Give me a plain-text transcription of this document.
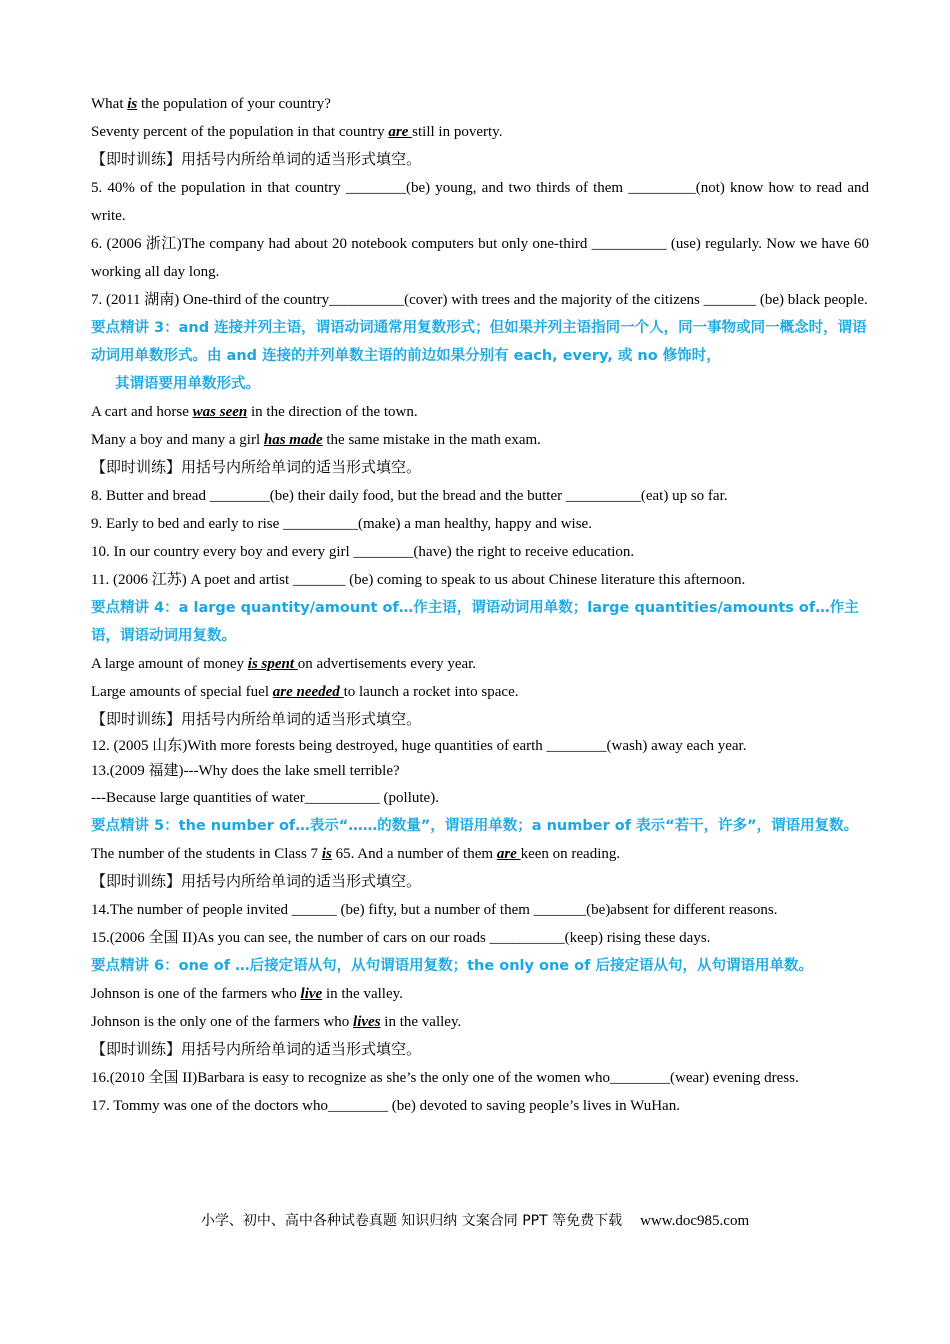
What is the population of your country?
Seventy percent of the population in that country are still in poverty.
【即时训练】用括号内所给单词的适当形式填空。
5. 40% of the population in that country ________(be) young, and two thirds of them _________(not) know how to read and write.
6. (2006 浙江)The company had about 20 notebook computers but only one-third __________ (use) regularly. Now we have 60 working all day long.
7. (2011 湖南) One-third of the country__________(cover) with trees and the majority of the citizens _______ (be) black people.
要点精讲 3：and 连接并列主语，谓语动词通常用复数形式；但如果并列主语指同一个人，同一事物或同一概念时，谓语动词用单数形式。由 and 连接的并列单数主语的前边如果分别有 each, every, 或 no 修饰时，
其谓语要用单数形式。
A cart and horse was seen in the direction of the town.
Many a boy and many a girl has made the same mistake in the math exam.
【即时训练】用括号内所给单词的适当形式填空。
8. Butter and bread ________(be) their daily food, but the bread and the butter __________(eat) up so far.
9. Early to bed and early to rise __________(make) a man healthy, happy and wise.
10. In our country every boy and every girl ________(have) the right to receive education.
11. (2006 江苏) A poet and artist _______ (be) coming to speak to us about Chinese literature this afternoon.
要点精讲 4：a large quantity/amount of…作主语，谓语动词用单数；large quantities/amounts of…作主语，谓语动词用复数。
A large amount of money is spent on advertisements every year.
Large amounts of special fuel are needed to launch a rocket into space.
【即时训练】用括号内所给单词的适当形式填空。
12. (2005 山东)With more forests being destroyed, huge quantities of earth ________(wash) away each year.
13.(2009 福建)---Why does the lake smell terrible?
---Because large quantities of water__________ (pollute).
要点精讲 5：the number of…表示“……的数量”，谓语用单数；a number of 表示“若干，许多”，谓语用复数。
The number of the students in Class 7 is 65. And a number of them are keen on reading.
【即时训练】用括号内所给单词的适当形式填空。
14.The number of people invited ______ (be) fifty, but a number of them _______(be)absent for different reasons.
15.(2006 全国 II)As you can see, the number of cars on our roads __________(keep) rising these days.
要点精讲 6：one of …后接定语从句，从句谓语用复数；the only one of 后接定语从句，从句谓语用单数。
Johnson is one of the farmers who live in the valley.
Johnson is the only one of the farmers who lives in the valley.
【即时训练】用括号内所给单词的适当形式填空。
16.(2010 全国 II)Barbara is easy to recognize as she’s the only one of the women who________(wear) evening dress.
17. Tommy was one of the doctors who________ (be) devoted to saving people’s lives in WuHan.
小学、初中、高中各种试卷真题 知识归纳 文案合同 PPT 等免费下载 www.doc985.com
